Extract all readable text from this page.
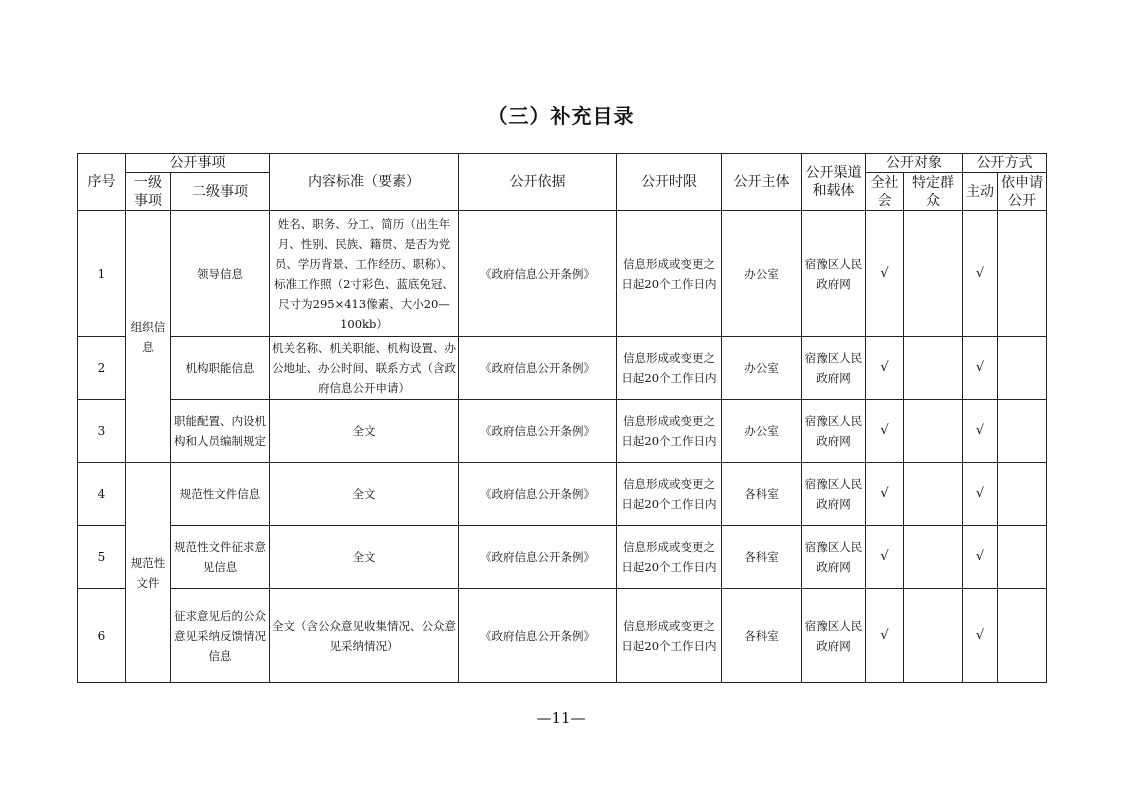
（三）补充目录
序号	公开事项		内容标准（要素）	公开依据	公开时限	公开主体	公开渠道和载体	公开对象		公开方式	
	一级事项	二级事项						全社会	特定群众	主动	依申请公开
1	组织信息	领导信息	姓名、职务、分工、简历（出生年月、性别、民族、籍贯、是否为党员、学历背景、工作经历、职称）、标准工作照（2寸彩色、蓝底免冠、尺寸为295×413像素、大小20—100kb）	《政府信息公开条例》	信息形成或变更之日起20个工作日内	办公室	宿豫区人民政府网	√		√	
2		机构职能信息	机关名称、机关职能、机构设置、办公地址、办公时间、联系方式（含政府信息公开申请）	《政府信息公开条例》	信息形成或变更之日起20个工作日内	办公室	宿豫区人民政府网	√		√	
3		职能配置、内设机构和人员编制规定	全文	《政府信息公开条例》	信息形成或变更之日起20个工作日内	办公室	宿豫区人民政府网	√		√	
4	规范性文件	规范性文件信息	全文	《政府信息公开条例》	信息形成或变更之日起20个工作日内	各科室	宿豫区人民政府网	√		√	
5		规范性文件征求意见信息	全文	《政府信息公开条例》	信息形成或变更之日起20个工作日内	各科室	宿豫区人民政府网	√		√	
6		征求意见后的公众意见采纳反馈情况信息	全文（含公众意见收集情况、公众意见采纳情况）	《政府信息公开条例》	信息形成或变更之日起20个工作日内	各科室	宿豫区人民政府网	√		√	
—11—
